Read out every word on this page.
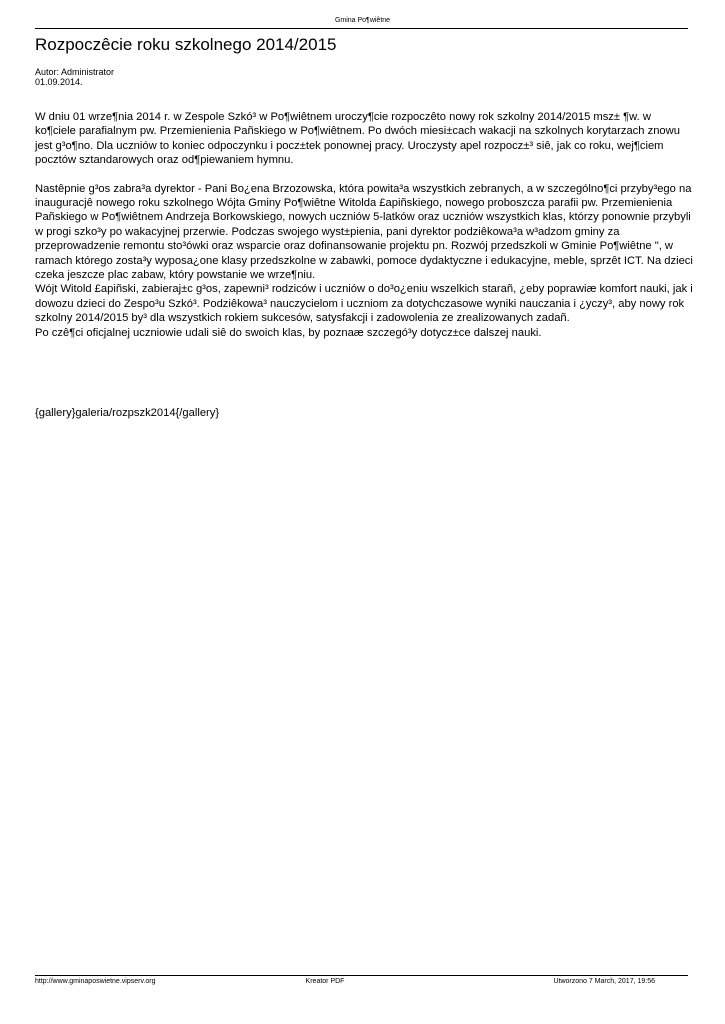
Gmina Po¶wiêtne
Rozpoczêcie roku szkolnego 2014/2015
Autor: Administrator
01.09.2014.

W dniu 01 wrze¶nia 2014 r. w Zespole Szkó³ w Po¶wiêtnem uroczy¶cie rozpoczêto nowy rok szkolny 2014/2015 msz± ¶w. w ko¶ciele parafialnym pw. Przemienienia Pañskiego w Po¶wiêtnem. Po dwóch miesi±cach wakacji na szkolnych korytarzach znowu jest g³o¶no. Dla uczniów to koniec odpoczynku i pocz±tek ponownej pracy. Uroczysty apel rozpocz±³ siê, jak co roku, wej¶ciem pocztów sztandarowych oraz od¶piewaniem hymnu.

Nastêpnie g³os zabra³a dyrektor - Pani Bo¿ena Brzozowska, która powita³a wszystkich zebranych, a w szczególno¶ci przyby³ego na inauguracjê nowego roku szkolnego Wójta Gminy Po¶wiêtne Witolda £apiñskiego, nowego proboszcza parafii pw. Przemienienia Pañskiego w Po¶wiêtnem Andrzeja Borkowskiego, nowych uczniów 5-latków oraz uczniów wszystkich klas, którzy ponownie przybyli w progi szko³y po wakacyjnej przerwie. Podczas swojego wyst±pienia, pani dyrektor podziêkowa³a w³adzom gminy za przeprowadzenie remontu sto³ówki oraz wsparcie oraz dofinansowanie projektu pn. Rozwój przedszkoli w Gminie Po¶wiêtne ", w ramach którego zosta³y wyposa¿one klasy przedszkolne w zabawki, pomoce dydaktyczne i edukacyjne, meble, sprzêt ICT. Na dzieci czeka jeszcze plac zabaw, który powstanie we wrze¶niu.

Wójt Witold £apiñski, zabieraj±c g³os, zapewni³ rodziców i uczniów o do³o¿eniu wszelkich starañ, ¿eby poprawiæ komfort nauki, jak i dowozu dzieci do Zespo³u Szkó³. Podziêkowa³ nauczycielom i uczniom za dotychczasowe wyniki nauczania i ¿yczy³, aby nowy rok szkolny 2014/2015 by³ dla wszystkich rokiem sukcesów, satysfakcji i zadowolenia ze zrealizowanych zadañ.

Po czê¶ci oficjalnej uczniowie udali siê do swoich klas, by poznaæ szczegó³y dotycz±ce dalszej nauki.

{gallery}galeria/rozpszk2014{/gallery}
http://www.gminaposwietne.vipserv.org	Kreator PDF	Utworzono 7 March, 2017, 19:56
